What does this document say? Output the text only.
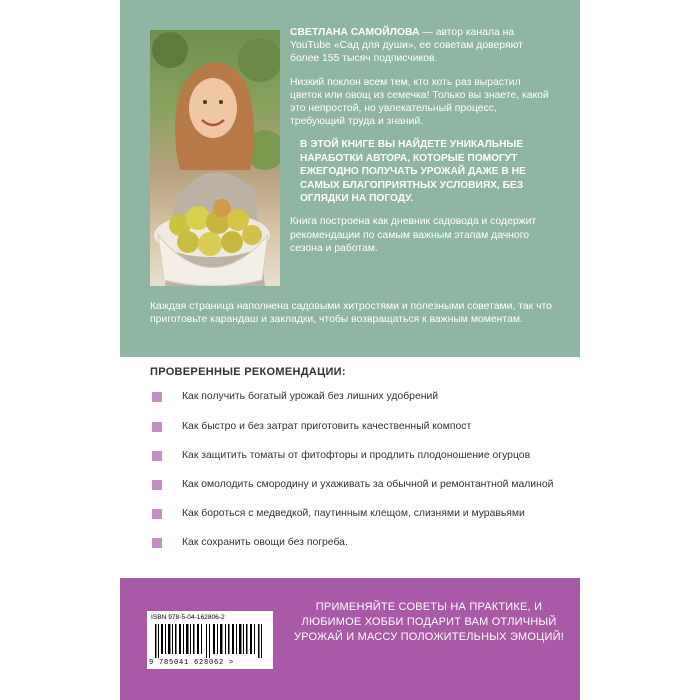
СВЕТЛАНА САМОЙЛОВА — автор канала на YouTube «Сад для души», ее советам доверяют более 155 тысяч подписчиков.

Низкий поклон всем тем, кто хоть раз вырастил цветок или овощ из семечка! Только вы знаете, какой это непростой, но увлекательный процесс, требующий труда и знаний.

В ЭТОЙ КНИГЕ ВЫ НАЙДЕТЕ УНИКАЛЬНЫЕ НАРАБОТКИ АВТОРА, КОТОРЫЕ ПОМОГУТ ЕЖЕГОДНО ПОЛУЧАТЬ УРОЖАЙ ДАЖЕ В НЕ САМЫХ БЛАГОПРИЯТНЫХ УСЛОВИЯХ, БЕЗ ОГЛЯДКИ НА ПОГОДУ.

Книга построена как дневник садовода и содержит рекомендации по самым важным этапам дачного сезона и работам.

Каждая страница наполнена садовыми хитростями и полезными советами, так что приготовьте карандаш и закладки, чтобы возвращаться к важным моментам.
ПРОВЕРЕННЫЕ РЕКОМЕНДАЦИИ:
Как получить богатый урожай без лишних удобрений
Как быстро и без затрат приготовить качественный компост
Как защитить томаты от фитофторы и продлить плодоношение огурцов
Как омолодить смородину и ухаживать за обычной и ремонтантной малиной
Как бороться с медведкой, паутинным клещом, слизнями и муравьями
Как сохранить овощи без погреба.
ISBN 978-5-04-162806-2
9 785041 628062 >
ПРИМЕНЯЙТЕ СОВЕТЫ НА ПРАКТИКЕ, И ЛЮБИМОЕ ХОББИ ПОДАРИТ ВАМ ОТЛИЧНЫЙ УРОЖАЙ И МАССУ ПОЛОЖИТЕЛЬНЫХ ЭМОЦИЙ!
